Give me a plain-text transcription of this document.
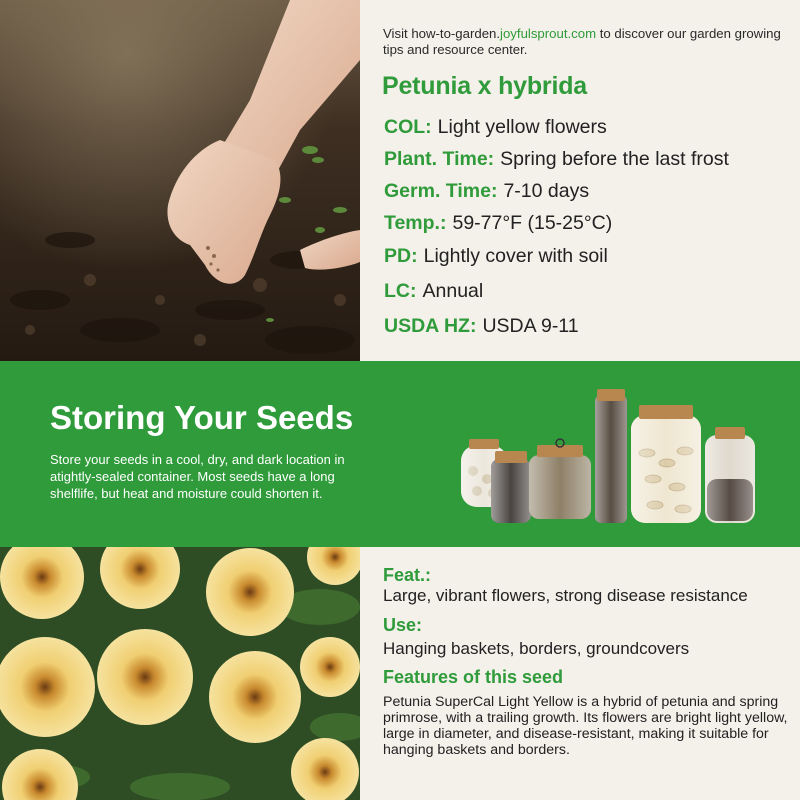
Visit how-to-garden.joyfulsprout.com to discover our garden growing tips and resource center.
Petunia x hybrida
COL: Light yellow flowers
Plant. Time: Spring before the last frost
Germ. Time: 7-10 days
Temp.: 59-77°F (15-25°C)
PD: Lightly cover with soil
LC: Annual
USDA HZ: USDA 9-11
Storing Your Seeds
Store your seeds in a cool, dry, and dark location in atightly-sealed container. Most seeds have a long shelflife, but heat and moisture could shorten it.
Feat.:
Large, vibrant flowers, strong disease resistance
Use:
Hanging baskets, borders, groundcovers
Features of this seed
Petunia SuperCal Light Yellow is a hybrid of petunia and spring primrose, with a trailing growth. Its flowers are bright light yellow, large in diameter, and disease-resistant, making it suitable for hanging baskets and borders.
